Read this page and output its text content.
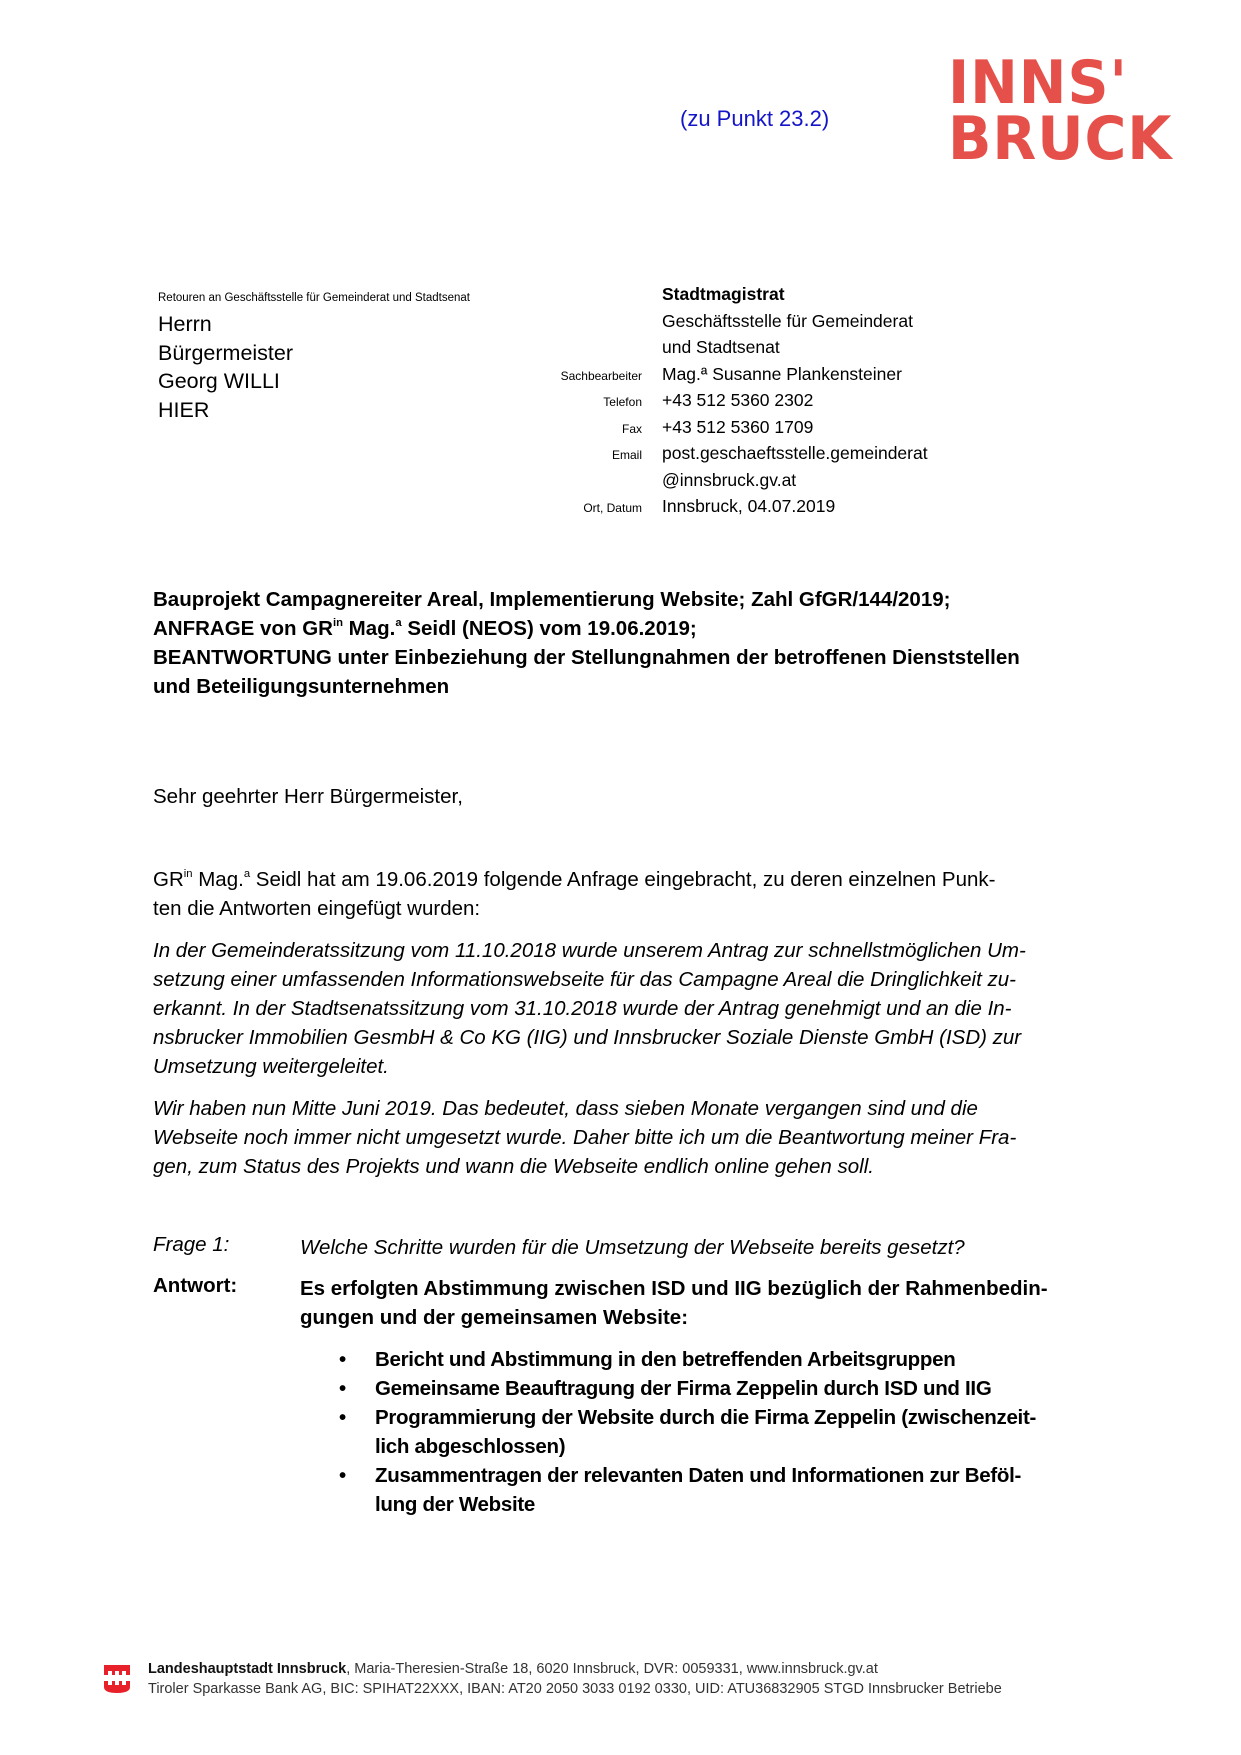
(zu Punkt 23.2)
INNS'
BRUCK
Retouren an Geschäftsstelle für Gemeinderat und Stadtsenat
Herrn
Bürgermeister
Georg WILLI
HIER
Stadtmagistrat
Geschäftsstelle für Gemeinderat
und Stadtsenat
Sachbearbeiter	Mag.ª Susanne Plankensteiner
Telefon	+43 512 5360 2302
Fax	+43 512 5360 1709
Email	post.geschaeftsstelle.gemeinderat
@innsbruck.gv.at
Ort, Datum	Innsbruck, 04.07.2019
Bauprojekt Campagnereiter Areal, Implementierung Website; Zahl GfGR/144/2019;
ANFRAGE von $GR^{in}$ Mag.$^a$ Seidl (NEOS) vom 19.06.2019;
BEANTWORTUNG unter Einbeziehung der Stellungnahmen der betroffenen Dienststellen
und Beteiligungsunternehmen
Sehr geehrter Herr Bürgermeister,
$GR^{in}$ Mag.$^a$ Seidl hat am 19.06.2019 folgende Anfrage eingebracht, zu deren einzelnen Punk-
ten die Antworten eingefügt wurden:
In der Gemeinderatssitzung vom 11.10.2018 wurde unserem Antrag zur schnellstmöglichen Um-
setzung einer umfassenden Informationswebseite für das Campagne Areal die Dringlichkeit zu-
erkannt. In der Stadtsenatssitzung vom 31.10.2018 wurde der Antrag genehmigt und an die In-
nsbrucker Immobilien GesmbH & Co KG (IIG) und Innsbrucker Soziale Dienste GmbH (ISD) zur
Umsetzung weitergeleitet.
Wir haben nun Mitte Juni 2019. Das bedeutet, dass sieben Monate vergangen sind und die
Webseite noch immer nicht umgesetzt wurde. Daher bitte ich um die Beantwortung meiner Fra-
gen, zum Status des Projekts und wann die Webseite endlich online gehen soll.
Frage 1:	Welche Schritte wurden für die Umsetzung der Webseite bereits gesetzt?
Antwort:	Es erfolgten Abstimmung zwischen ISD und IIG bezüglich der Rahmenbedin-
gungen und der gemeinsamen Website:
• Bericht und Abstimmung in den betreffenden Arbeitsgruppen
• Gemeinsame Beauftragung der Firma Zeppelin durch ISD und IIG
• Programmierung der Website durch die Firma Zeppelin (zwischenzeit-
lich abgeschlossen)
• Zusammentragen der relevanten Daten und Informationen zur Beföl-
lung der Website
Landeshauptstadt Innsbruck, Maria-Theresien-Straße 18, 6020 Innsbruck, DVR: 0059331, www.innsbruck.gv.at
Tiroler Sparkasse Bank AG, BIC: SPIHAT22XXX, IBAN: AT20 2050 3033 0192 0330, UID: ATU36832905 STGD Innsbrucker Betriebe
